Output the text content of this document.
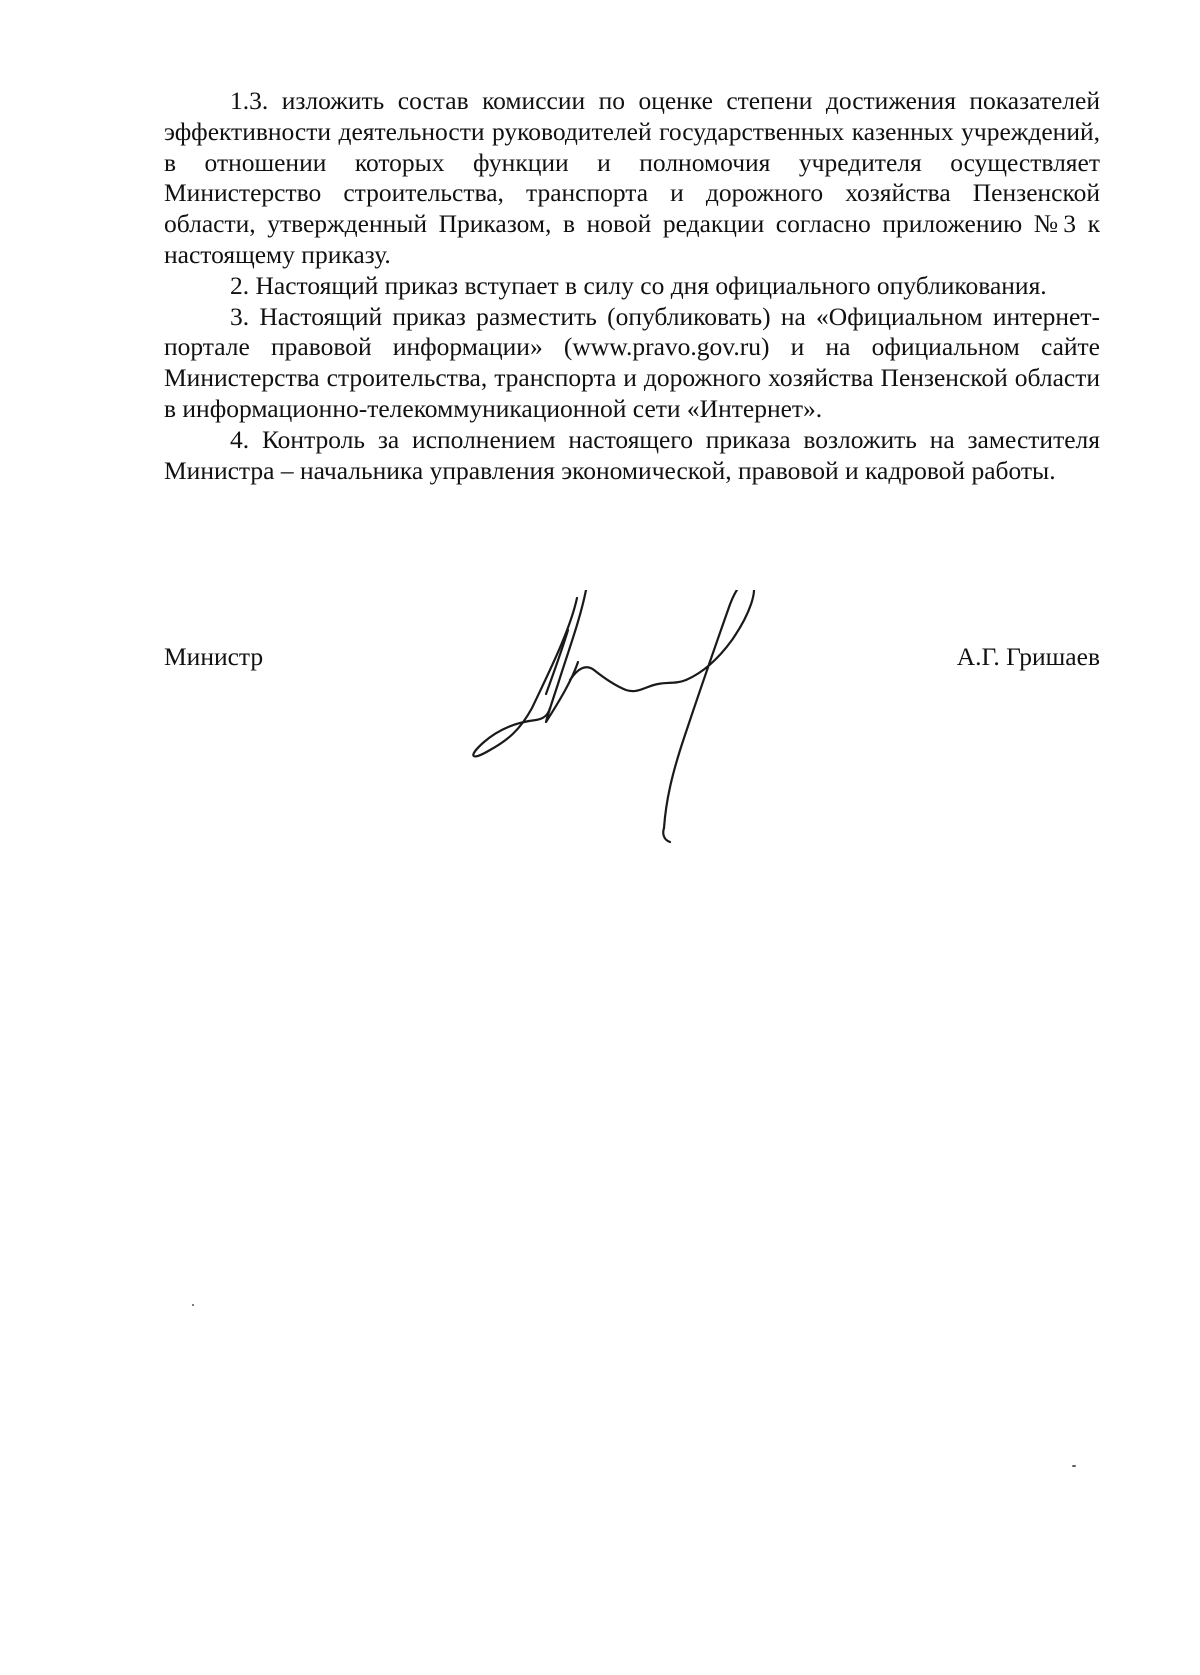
1.3. изложить состав комиссии по оценке степени достижения показателей эффективности деятельности руководителей государственных казенных учреждений, в отношении которых функции и полномочия учредителя осуществляет Министерство строительства, транспорта и дорожного хозяйства Пензенской области, утвержденный Приказом, в новой редакции согласно приложению №3 к настоящему приказу.

2. Настоящий приказ вступает в силу со дня официального опубликования.

3. Настоящий приказ разместить (опубликовать) на «Официальном интернет-портале правовой информации» (www.pravo.gov.ru) и на официальном сайте Министерства строительства, транспорта и дорожного хозяйства Пензенской области в информационно-телекоммуникационной сети «Интернет».

4. Контроль за исполнением настоящего приказа возложить на заместителя Министра – начальника управления экономической, правовой и кадровой работы.

Министр	А.Г. Гришаев
